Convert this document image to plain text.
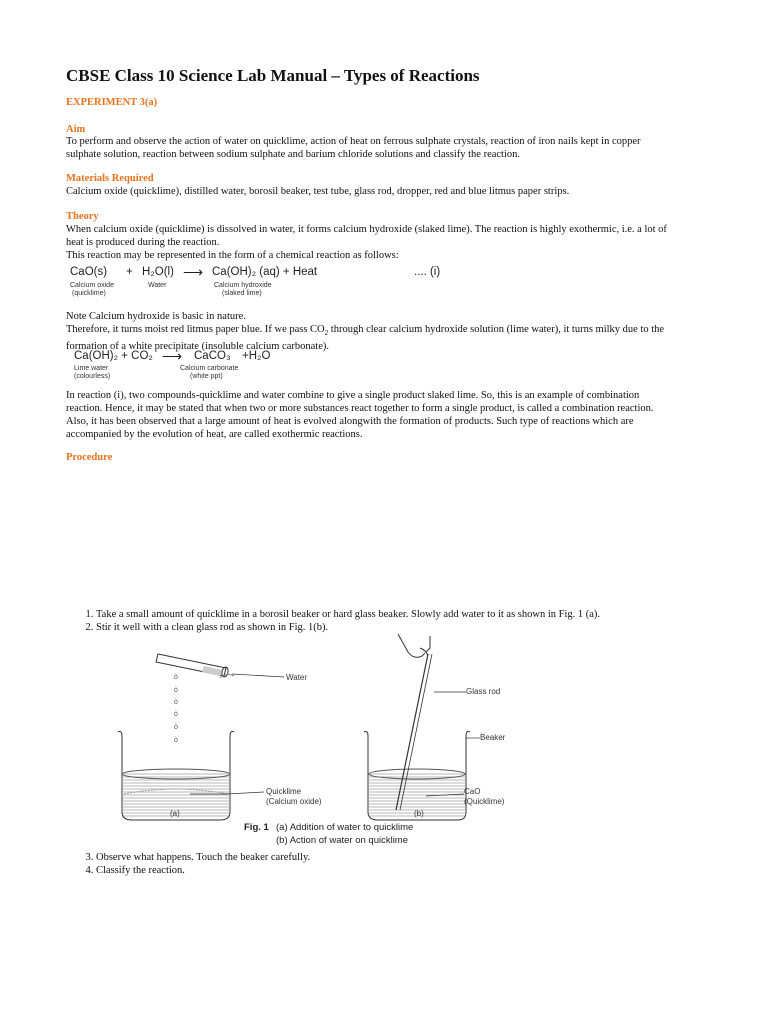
CBSE Class 10 Science Lab Manual – Types of Reactions
EXPERIMENT 3(a)
Aim
To perform and observe the action of water on quicklime, action of heat on ferrous sulphate crystals, reaction of iron nails kept in copper
sulphate solution, reaction between sodium sulphate and barium chloride solutions and classify the reaction.
Materials Required
Calcium oxide (quicklime), distilled water, borosil beaker, test tube, glass rod, dropper, red and blue litmus paper strips.
Theory
When calcium oxide (quicklime) is dissolved in water, it forms calcium hydroxide (slaked lime). The reaction is highly exothermic, i.e. a lot of
heat is produced during the reaction.
This reaction may be represented in the form of a chemical reaction as follows:
CaO(s) + H₂O(l) ⟶ Ca(OH)₂ (aq) + Heat	.... (i)
Calcium oxide
(quicklime)
Water	Calcium hydroxide
(slaked lime)
Note Calcium hydroxide is basic in nature.
Therefore, it turns moist red litmus paper blue. If we pass $CO_2$ through clear calcium hydroxide solution (lime water), it turns milky due to the
formation of a white precipitate (insoluble calcium carbonate).
Ca(OH)₂ + CO₂ ⟶ CaCO₃ +H₂O
Lime water
(colourless)
Calcium carbonate
(white ppt)
In reaction (i), two compounds-quicklime and water combine to give a single product slaked lime. So, this is an example of combination
reaction. Hence, it may be stated that when two or more substances react together to form a single product, is called a combination reaction.
Also, it has been observed that a large amount of heat is evolved alongwith the formation of products. Such type of reactions which are
accompanied by the evolution of heat, are called exothermic reactions.
Procedure
1. Take a small amount of quicklime in a borosil beaker or hard glass beaker. Slowly add water to it as shown in Fig. 1 (a).
2. Stir it well with a clean glass rod as shown in Fig. 1(b).
ò
ò
ò
ò
ò
ò
Water
Quicklime
(Calcium oxide)
(a)
Glass rod
Beaker
CaO
(Quicklime)
(b)
Fig. 1 (a) Addition of water to quicklime
(b) Action of water on quicklime
3. Observe what happens. Touch the beaker carefully.
4. Classify the reaction.
